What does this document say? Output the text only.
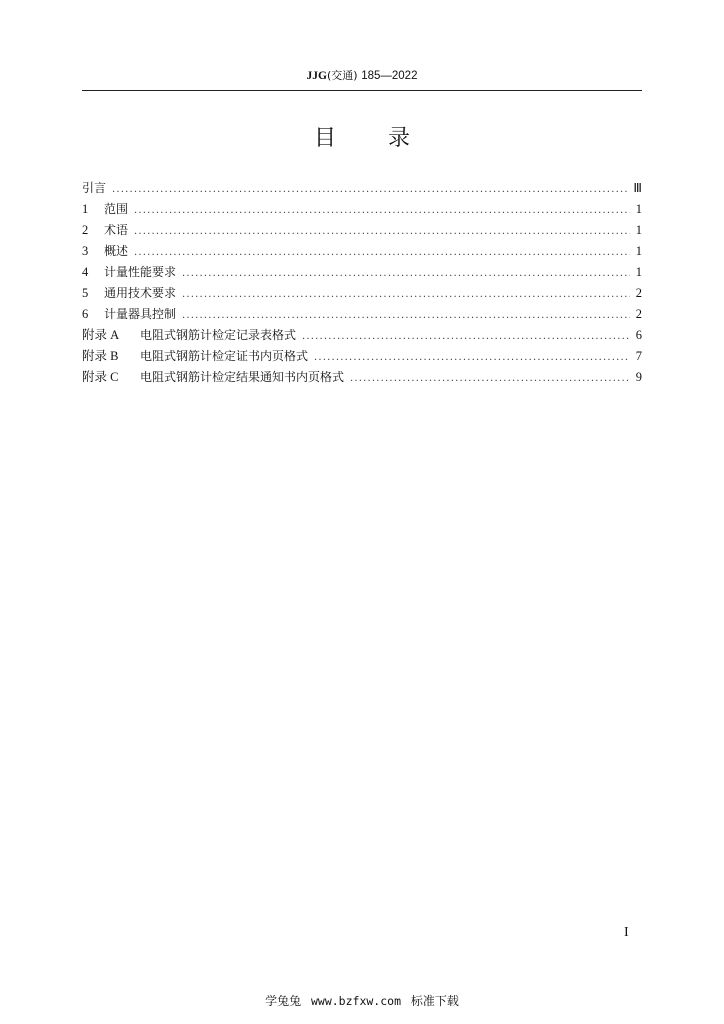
JJG(交通) 185—2022
目 录
引言 .....	Ⅲ
1	范围 .....	1
2	术语 .....	1
3	概述 .....	1
4	计量性能要求 .....	1
5	通用技术要求 .....	2
6	计量器具控制 .....	2
附录 A	电阻式钢筋计检定记录表格式 .....	6
附录 B	电阻式钢筋计检定证书内页格式 .....	7
附录 C	电阻式钢筋计检定结果通知书内页格式 .....	9
I
学兔兔 www.bzfxw.com 标准下载
